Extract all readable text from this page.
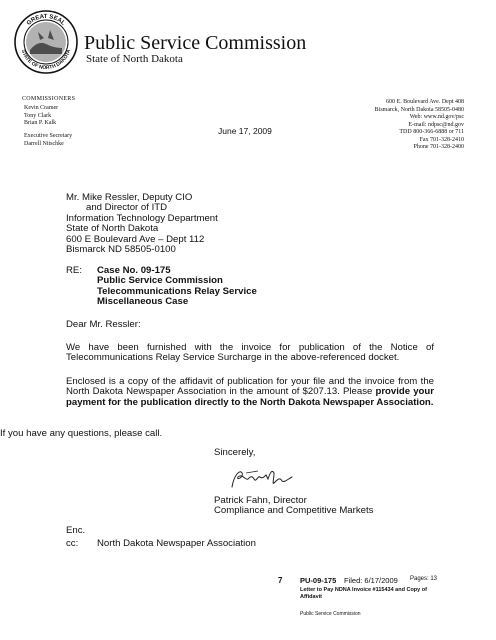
GREAT SEAL
STATE OF NORTH DAKOTA Public Service Commission
State of North Dakota
COMMISSIONERS
Kevin Cramer
Tony Clark
Brian P. Kalk
Executive Secretary
Darrell Nitschke
600 E. Boulevard Ave. Dept 408
Bismarck, North Dakota 58505-0480
Web: www.nd.gov/psc
E-mail: ndpsc@nd.gov
TDD 800-366-6888 or 711
Fax 701-328-2410
Phone 701-328-2400
June 17, 2009
Mr. Mike Ressler, Deputy CIO
and Director of ITD
Information Technology Department
State of North Dakota
600 E Boulevard Ave – Dept 112
Bismarck ND 58505-0100
RE: Case No. 09-175
Public Service Commission
Telecommunications Relay Service
Miscellaneous Case
Dear Mr. Ressler:
We have been furnished with the invoice for publication of the Notice of Telecommunications Relay Service Surcharge in the above-referenced docket.
Enclosed is a copy of the affidavit of publication for your file and the invoice from the North Dakota Newspaper Association in the amount of $207.13. Please provide your payment for the publication directly to the North Dakota Newspaper Association.
If you have any questions, please call.
Sincerely,
Patrick Fahn, Director
Compliance and Competitive Markets
Enc.
cc: North Dakota Newspaper Association
7 PU-09-175 Filed: 6/17/2009 Pages: 13
Letter to Pay NDNA Invoice #115434 and Copy of Affidavit
Public Service Commission
